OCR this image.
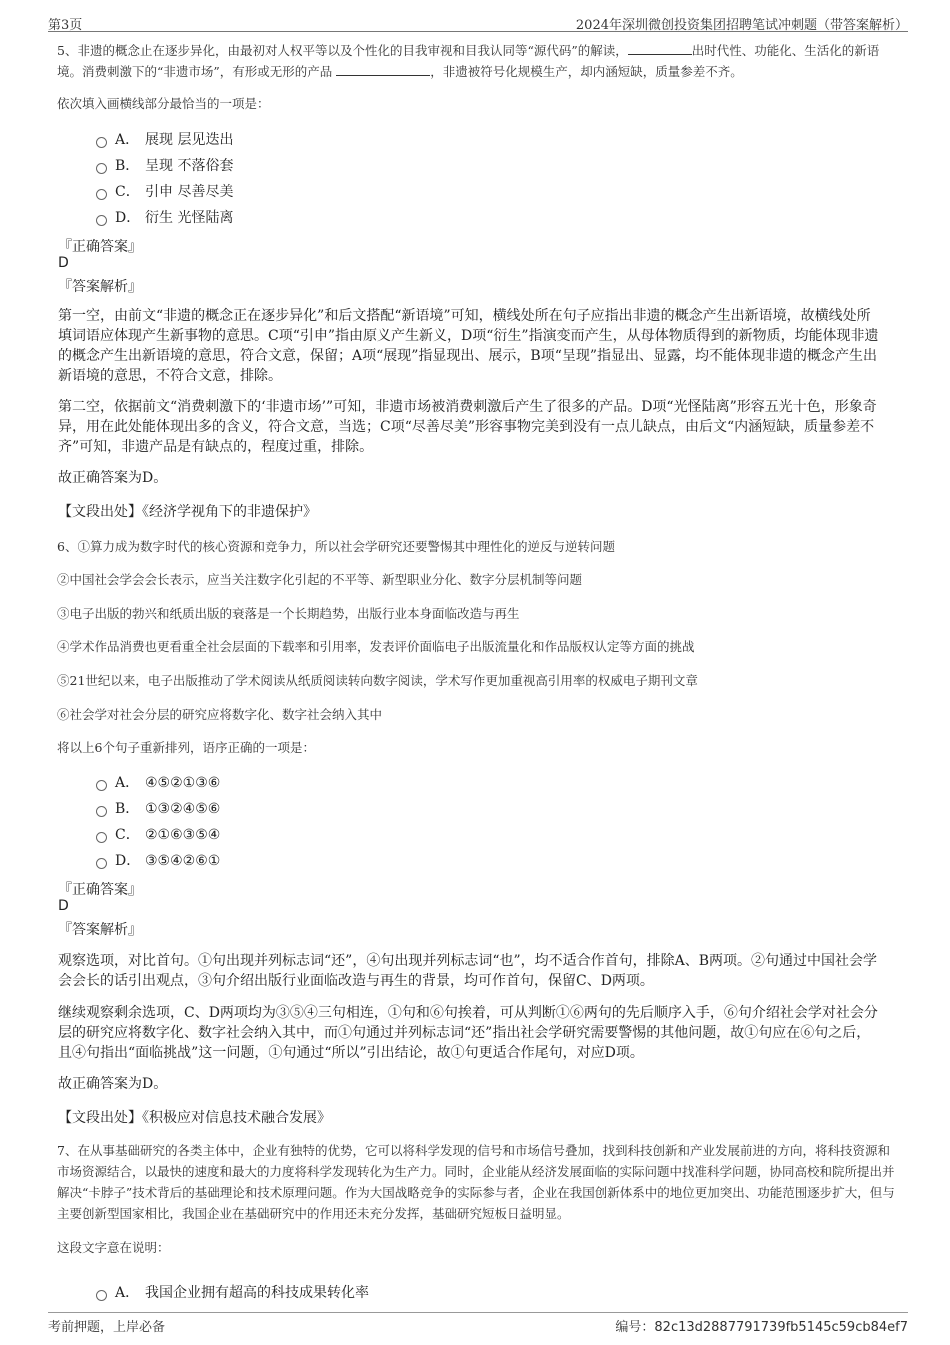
第3页	2024年深圳微创投资集团招聘笔试冲刺题（带答案解析）
5、非遗的概念止在逐步异化，由最初对人权平等以及个性化的目我审视和目我认同等“源代码”的解读，	出时代性、功能化、生活化的新语境。消费刺激下的“非遗市场”，有形或无形的产品	，非遗被符号化规模生产，却内涵短缺，质量参差不齐。
依次填入画横线部分最恰当的一项是：
A． 展现 层见迭出
B． 呈现 不落俗套
C． 引申 尽善尽美
D． 衍生 光怪陆离
『正确答案』
D
『答案解析』
第一空，由前文“非遗的概念正在逐步异化”和后文搭配“新语境”可知，横线处所在句子应指出非遗的概念产生出新语境，故横线处所填词语应体现产生新事物的意思。C项“引申”指由原义产生新义，D项“衍生”指演变而产生，从母体物质得到的新物质，均能体现非遗的概念产生出新语境的意思，符合文意，保留；A项“展现”指显现出、展示，B项“呈现”指显出、显露，均不能体现非遗的概念产生出新语境的意思，不符合文意，排除。
第二空，依据前文“消费刺激下的‘非遗市场’”可知，非遗市场被消费刺激后产生了很多的产品。D项“光怪陆离”形容五光十色，形象奇异，用在此处能体现出多的含义，符合文意，当选；C项“尽善尽美”形容事物完美到没有一点儿缺点，由后文“内涵短缺，质量参差不齐”可知，非遗产品是有缺点的，程度过重，排除。
故正确答案为D。
【文段出处】《经济学视角下的非遗保护》
6、①算力成为数字时代的核心资源和竞争力，所以社会学研究还要警惕其中理性化的逆反与逆转问题
②中国社会学会会长表示，应当关注数字化引起的不平等、新型职业分化、数字分层机制等问题
③电子出版的勃兴和纸质出版的衰落是一个长期趋势，出版行业本身面临改造与再生
④学术作品消费也更看重全社会层面的下载率和引用率，发表评价面临电子出版流量化和作品版权认定等方面的挑战
⑤21世纪以来，电子出版推动了学术阅读从纸质阅读转向数字阅读，学术写作更加重视高引用率的权威电子期刊文章
⑥社会学对社会分层的研究应将数字化、数字社会纳入其中
将以上6个句子重新排列，语序正确的一项是：
A． ④⑤②①③⑥
B． ①③②④⑤⑥
C． ②①⑥③⑤④
D． ③⑤④②⑥①
『正确答案』
D
『答案解析』
观察选项，对比首句。①句出现并列标志词“还”，④句出现并列标志词“也”，均不适合作首句，排除A、B两项。②句通过中国社会学会会长的话引出观点，③句介绍出版行业面临改造与再生的背景，均可作首句，保留C、D两项。
继续观察剩余选项，C、D两项均为③⑤④三句相连，①句和⑥句挨着，可从判断①⑥两句的先后顺序入手，⑥句介绍社会学对社会分层的研究应将数字化、数字社会纳入其中，而①句通过并列标志词“还”指出社会学研究需要警惕的其他问题，故①句应在⑥句之后，且④句指出“面临挑战”这一问题，①句通过“所以”引出结论，故①句更适合作尾句，对应D项。
故正确答案为D。
【文段出处】《积极应对信息技术融合发展》
7、在从事基础研究的各类主体中，企业有独特的优势，它可以将科学发现的信号和市场信号叠加，找到科技创新和产业发展前进的方向，将科技资源和市场资源结合，以最快的速度和最大的力度将科学发现转化为生产力。同时，企业能从经济发展面临的实际问题中找准科学问题，协同高校和院所提出并解决“卡脖子”技术背后的基础理论和技术原理问题。作为大国战略竞争的实际参与者，企业在我国创新体系中的地位更加突出、功能范围逐步扩大，但与主要创新型国家相比，我国企业在基础研究中的作用还未充分发挥，基础研究短板日益明显。
这段文字意在说明：
A． 我国企业拥有超高的科技成果转化率
考前押题，上岸必备	编号：82c13d2887791739fb5145c59cb84ef7
